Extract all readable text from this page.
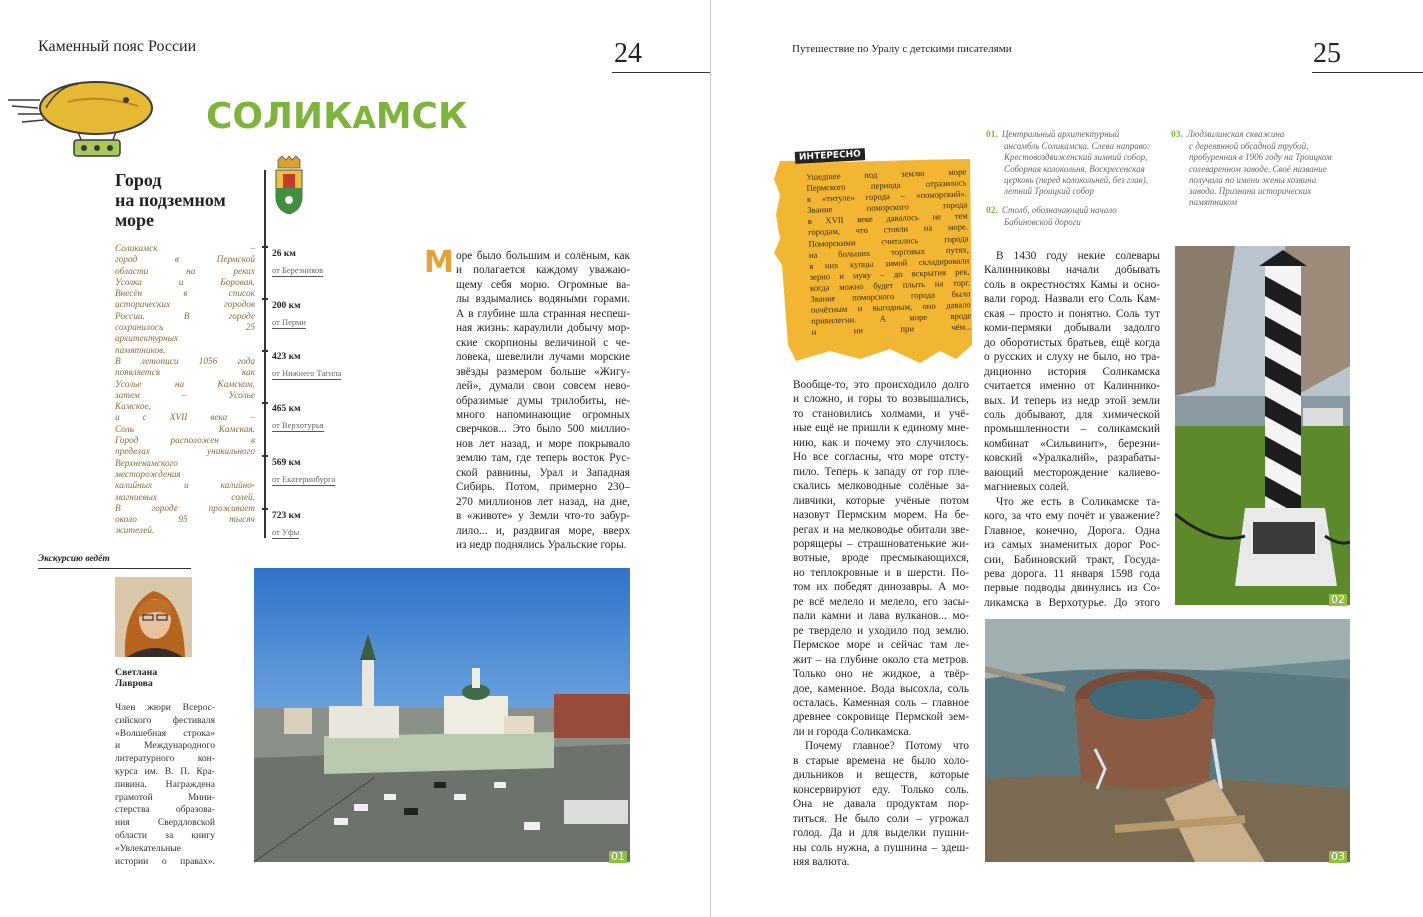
Каменный пояс России	24
СОЛИКАМСК
Город
на подземном
море
26 км
от Березников
200 км
от Перми
423 км
от Нижнего Тагила
465 км
от Верхотурья
569 км
от Екатеринбурга
723 км
от Уфы
Соликамск –
город в Пермской
области на реках
Усолка и Боровая.
Внесён в список
исторических городов
России. В городе
сохранилось 25
архитектурных
памятников.
В летописи 1056 года
появляется как
Усолье на Камском,
затем – Усолье
Камское,
и с XVII века –
Соль Камская.
Город расположен в
пределах уникального
Верхнекамского
месторождения
калийных и калийно-
магниевых солей.
В городе проживает
около 95 тысяч
жителей.
М оре было большим и солёным, как
и полагается каждому уважаю-
щему себя морю. Огромные ва-
лы вздымались водяными горами.
А в глубине шла странная неспеш-
ная жизнь: караулили добычу мор-
ские скорпионы величиной с че-
ловека, шевелили лучами морские
звёзды размером больше «Жигу-
лей», думали свои совсем нево-
образимые думы трилобиты, не-
много напоминающие огромных
сверчков... Это было 500 миллио-
нов лет назад, и море покрывало
землю там, где теперь восток Рус-
ской равнины, Урал и Западная
Сибирь. Потом, примерно 230–
270 миллионов лет назад, на дне,
в «животе» у Земли что-то забур-
лило... и, раздвигая море, вверх
из недр поднялись Уральские горы.
Экскурсию ведёт
Светлана
Лаврова
Член жюри Всерос-
сийского фестиваля
«Волшебная строка»
и Международного
литературного кон-
курса им. В. П. Кра-
пивина. Награждена
грамотой Мини-
стерства образова-
ния Свердловской
области за книгу
«Увлекательные
истории о правах».	01
Путешествие по Уралу с детскими писателями	25
ИНТЕРЕСНО
Ушедшее под землю море
Пермского периода отразилось
в «титуле» города – «поморский».
Звание поморского города
в XVII веке давалось не тем
городам, что стояли на море.
Поморскими считались города
на больших торговых путях,
в них купцы зимой складировали
зерно и муку – до вскрытия рек,
когда можно будет плыть на торг.
Звание поморского города было
почётным и выгодным, оно давало
привилегии. А море вроде
и ни при чём...
01. Центральный архитектурный
ансамбль Соликамска. Слева направо:
Крестовоздвиженский зимний собор,
Соборная колокольня, Воскресенская
церковь (перед колокольней, без глав),
летний Троицкий собор
02. Столб, обозначающий начало
Бабиновской дороги
03. Людмилинская скважина
с деревянной обсадной трубой,
пробуренная в 1906 году на Троицком
солеваренном заводе. Своё название
получила по имени жены хозяина
завода. Признана исторических
памятником
Вообще-то, это происходило долго
и сложно, и горы то возвышались,
то становились холмами, и учё-
ные ещё не пришли к единому мне-
нию, как и почему это случилось.
Но все согласны, что море отсту-
пило. Теперь к западу от гор пле-
скались мелководные солёные за-
ливчики, которые учёные потом
назовут Пермским морем. На бе-
регах и на мелководье обитали зве-
рорящеры – страшноватенькие жи-
вотные, вроде пресмыкающихся,
но теплокровные и в шерсти. По-
том их победят динозавры. А мо-
ре всё мелело и мелело, его засы-
пали камни и лава вулканов... мо-
ре твердело и уходило под землю.
Пермское море и сейчас там ле-
жит – на глубине около ста метров.
Только оно не жидкое, а твёр-
дое, каменное. Вода высохла, соль
осталась. Каменная соль – главное
древнее сокровище Пермской зем-
ли и города Соликамска.
Почему главное? Потому что
в старые времена не было холо-
дильников и веществ, которые
консервируют еду. Только соль.
Она не давала продуктам пор-
титься. Не было соли – угрожал
голод. Да и для выделки пушни-
ны соль нужна, а пушнина – здеш-
няя валюта.
В 1430 году некие солевары
Калинниковы начали добывать
соль в окрестностях Камы и осно-
вали город. Назвали его Соль Кам-
ская – просто и понятно. Соль тут
коми-пермяки добывали задолго
до оборотистых братьев, ещё когда
о русских и слуху не было, но тра-
диционно история Соликамска
считается именно от Калиннико-
вых. И теперь из недр этой земли
соль добывают, для химической
промышленности – соликамский
комбинат «Сильвинит», березни-
ковский «Уралкалий», разрабаты-
вающий месторождение калиево-
магниевых солей.
Что же есть в Соликамске та-
кого, за что ему почёт и уважение?
Главное, конечно, Дорога. Одна
из самых знаменитых дорог Рос-
сии, Бабиновский тракт, Госуда-
рева дорога. 11 января 1598 года
первые подводы двинулись из Со-
ликамска в Верхотурье. До этого	02
03
